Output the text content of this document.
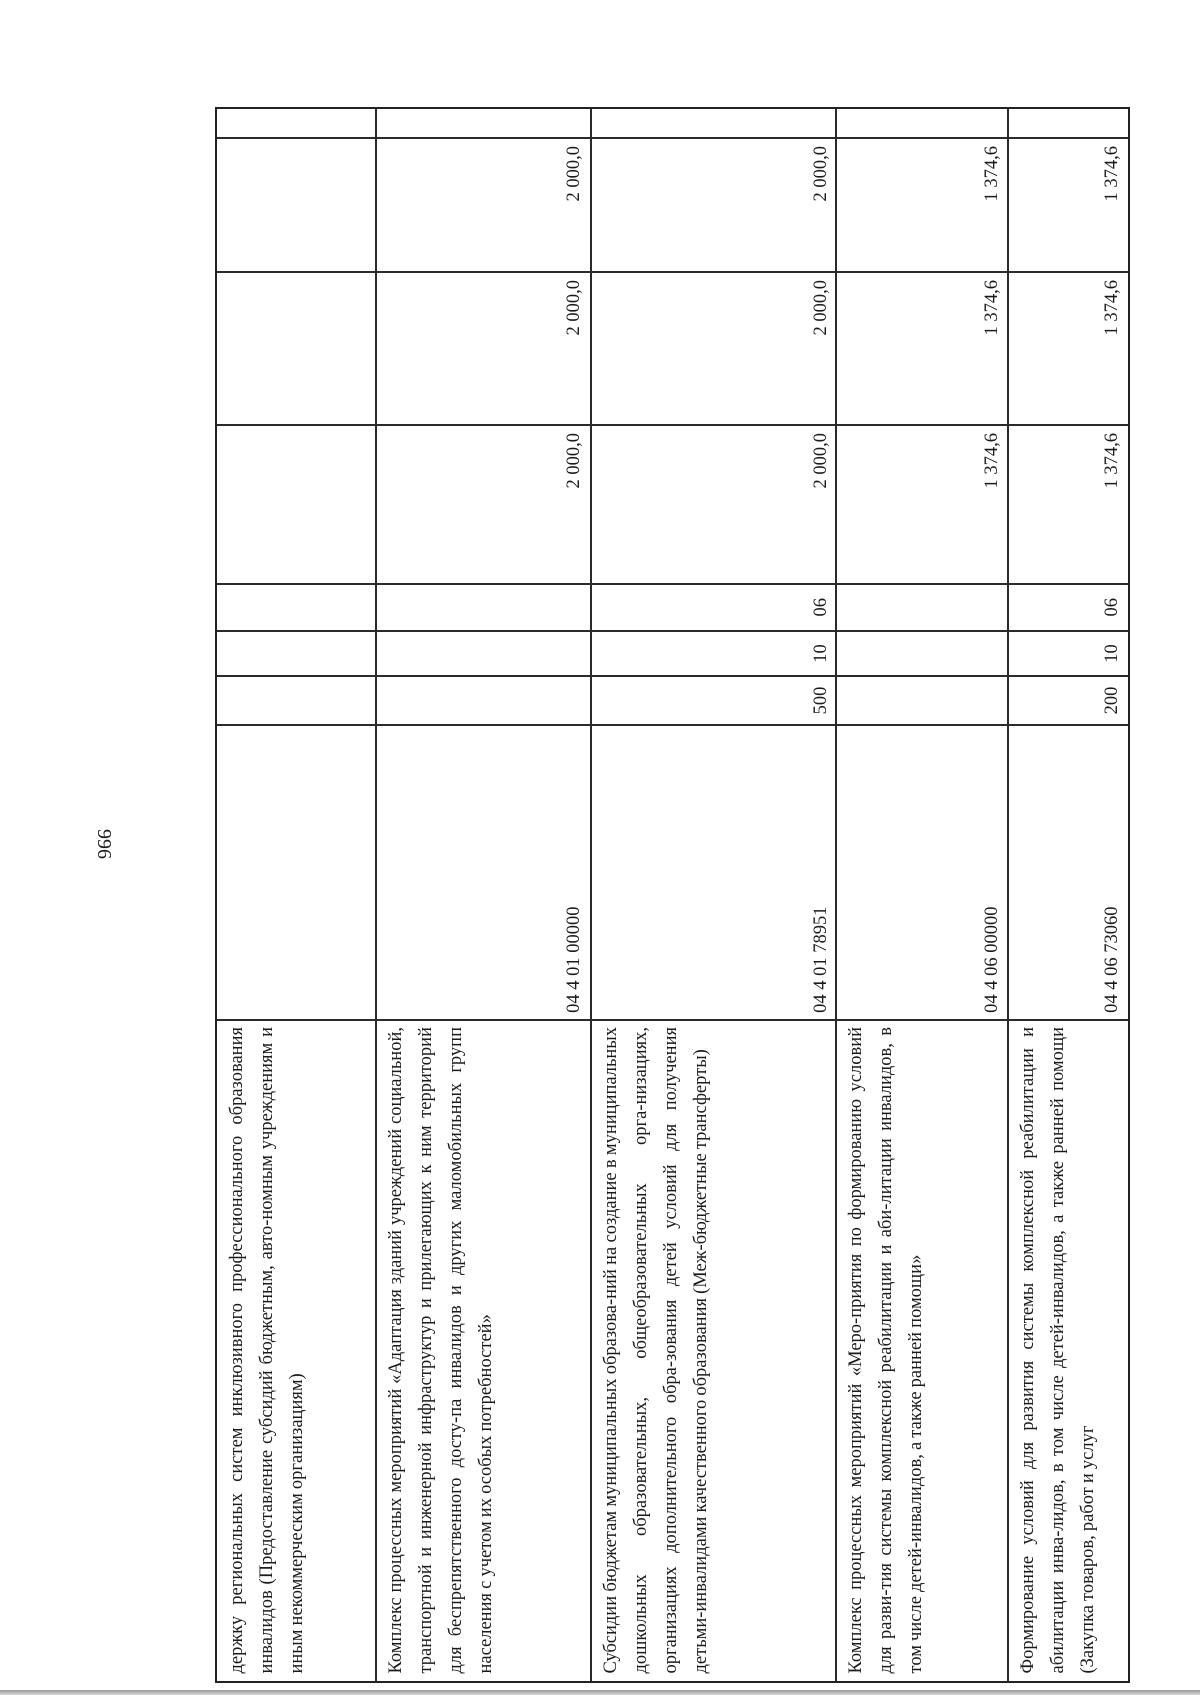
996
держку региональных систем инклюзивного профессионального образования инвалидов (Предоставление субсидий бюджетным, авто-номным учреждениям и иным некоммерческим организациям)	Комплекс процессных мероприятий «Адаптация зданий учреждений социальной, транспортной и инженерной инфраструктур и прилегающих к ним территорий для беспрепятственного досту-па инвалидов и других маломобильных групп населения с учетом их особых потребностей»
04 4 01 00000
2 000,0
2 000,0
2 000,0
Субсидии бюджетам муниципальных образова-ний на создание в муниципальных дошкольных образовательных, общеобразовательных орга-низациях, организациях дополнительного обра-зования детей условий для получения детьми-инвалидами качественного образования (Меж-бюджетные трансферты)
04 4 01 78951
500
10
06
2 000,0
2 000,0
2 000,0
Комплекс процессных мероприятий «Меро-приятия по формированию условий для разви-тия системы комплексной реабилитации и аби-литации инвалидов, в том числе детей-инвалидов, а также ранней помощи»
04 4 06 00000
1 374,6
1 374,6
1 374,6
Формирование условий для развития системы комплексной реабилитации и абилитации инва-лидов, в том числе детей-инвалидов, а также ранней помощи (Закупка товаров, работ и услуг
04 4 06 73060
200
10
06
1 374,6
1 374,6
1 374,6
